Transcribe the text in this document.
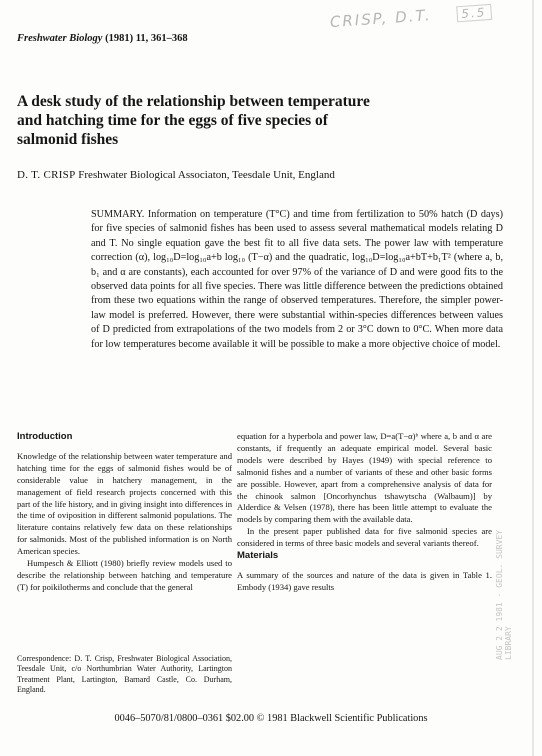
Freshwater Biology (1981) 11, 361–368
CRISP, D.T. 5.5
A desk study of the relationship between temperature and hatching time for the eggs of five species of salmonid fishes
D. T. CRISP Freshwater Biological Associaton, Teesdale Unit, England
SUMMARY. Information on temperature (T°C) and time from fertilization to 50% hatch (D days) for five species of salmonid fishes has been used to assess several mathematical models relating D and T. No single equation gave the best fit to all five data sets. The power law with temperature correction (α), log₁₀D=log₁₀a+b log₁₀ (T−α) and the quadratic, log₁₀D=log₁₀a+bT+b₁T² (where a, b, b₁ and α are constants), each accounted for over 97% of the variance of D and were good fits to the observed data points for all five species. There was little difference between the predictions obtained from these two equations within the range of observed temperatures. Therefore, the simpler power-law model is preferred. However, there were substantial within-species differences between values of D predicted from extrapolations of the two models from 2 or 3°C down to 0°C. When more data for low temperatures become available it will be possible to make a more objective choice of model.
Introduction

Knowledge of the relationship between water temperature and hatching time for the eggs of salmonid fishes would be of considerable value in hatchery management, in the management of field research projects concerned with this part of the life history, and in giving insight into differences in the time of oviposition in different salmonid populations. The literature contains relatively few data on these relationships for salmonids. Most of the published information is on North American species.

Humpesch & Elliott (1980) briefly review models used to describe the relationship between hatching and temperature (T) for poikilotherms and conclude that the general

equation for a hyperbola and power law, D=a(T−α)ᵇ where a, b and α are constants, if frequently an adequate empirical model. Several basic models were described by Hayes (1949) with special reference to salmonid fishes and a number of variants of these and other basic forms are possible. However, apart from a comprehensive analysis of data for the chinook salmon [Oncorhynchus tshawytscha (Walbaum)] by Alderdice & Velsen (1978), there has been little attempt to evaluate the models by comparing them with the available data.

In the present paper published data for five salmonid species are considered in terms of three basic models and several variants thereof.

Materials

A summary of the sources and nature of the data is given in Table 1. Embody (1934) gave results

Correspondence: D. T. Crisp, Freshwater Biological Association, Teesdale Unit, c/o Northumbrian Water Authority, Lartington Treatment Plant, Lartington, Barnard Castle, Co. Durham, England.
0046–5070/81/0800–0361 $02.00 © 1981 Blackwell Scientific Publications
AUG 2 2 1981 · GEOL. SURVEY LIBRARY
